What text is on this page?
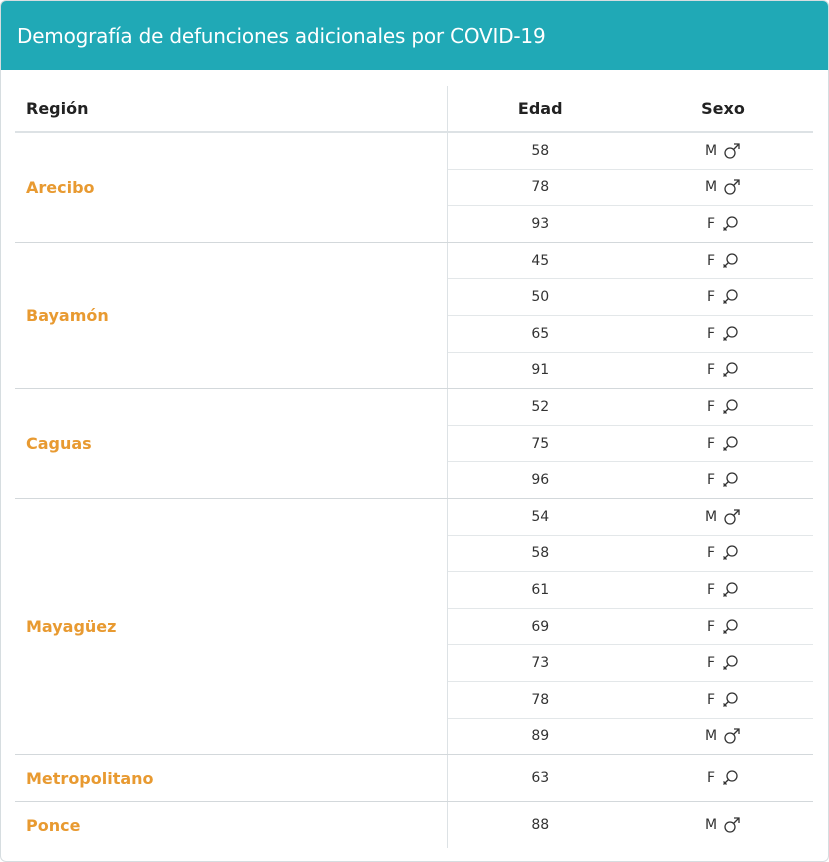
Demografía de defunciones adicionales por COVID-19
Región	Edad	Sexo
Arecibo	58	M

	78	M

	93	F

Bayamón	45	F

	50	F

	65	F

	91	F

Caguas	52	F

	75	F

	96	F

Mayagüez	54	M

	58	F

	61	F

	69	F

	73	F

	78	F

	89	M

Metropolitano	63	F

Ponce	88	M
